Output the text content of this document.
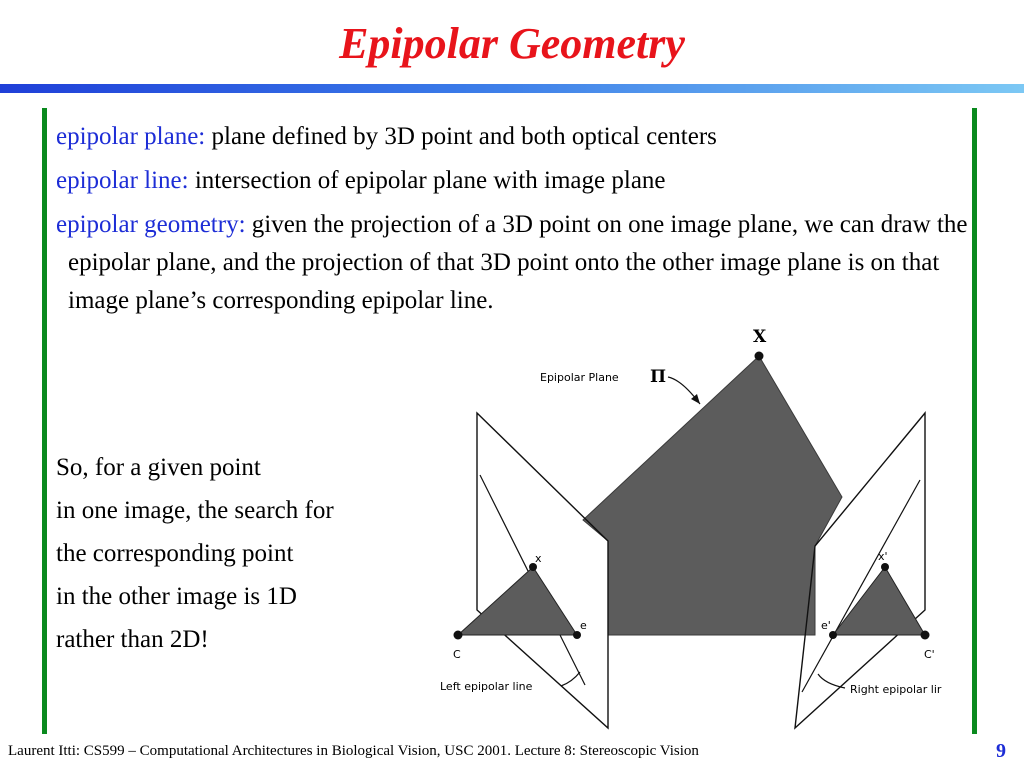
Epipolar Geometry
epipolar plane: plane defined by 3D point and both optical centers
epipolar line: intersection of epipolar plane with image plane
epipolar geometry: given the projection of a 3D point on one image plane, we can draw the epipolar plane, and the projection of that 3D point onto the other image plane is on that image plane’s corresponding epipolar line.
So, for a given point
in one image, the search for
the corresponding point
in the other image is 1D
rather than 2D!
X
Epipolar Plane Π
x	x'
e	e'
C	C'
Left epipolar line	Right epipolar lir
Laurent Itti: CS599 – Computational Architectures in Biological Vision, USC 2001. Lecture 8: Stereoscopic Vision	9
